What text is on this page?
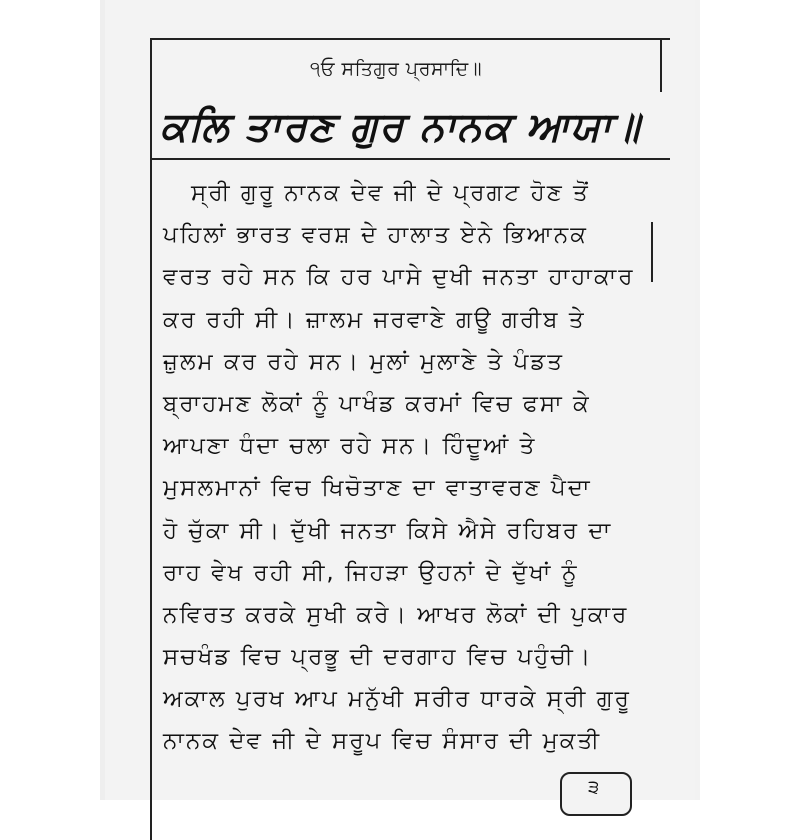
੧ਓ ਸਤਿਗੁਰ ਪ੍ਰਸਾਦਿ॥
ਕਲਿ ਤਾਰਣ ਗੁਰ ਨਾਨਕ ਆਯਾ॥
ਸ੍ਰੀ ਗੁਰੂ ਨਾਨਕ ਦੇਵ ਜੀ ਦੇ ਪ੍ਰਗਟ ਹੋਣ ਤੋਂ
ਪਹਿਲਾਂ ਭਾਰਤ ਵਰਸ਼ ਦੇ ਹਾਲਾਤ ਏਨੇ ਭਿਆਨਕ
ਵਰਤ ਰਹੇ ਸਨ ਕਿ ਹਰ ਪਾਸੇ ਦੁਖੀ ਜਨਤਾ ਹਾਹਾਕਾਰ
ਕਰ ਰਹੀ ਸੀ। ਜ਼ਾਲਮ ਜਰਵਾਣੇ ਗਊ ਗਰੀਬ ਤੇ
ਜ਼ੁਲਮ ਕਰ ਰਹੇ ਸਨ। ਮੁਲਾਂ ਮੁਲਾਣੇ ਤੇ ਪੰਡਤ
ਬ੍ਰਾਹਮਣ ਲੋਕਾਂ ਨੂੰ ਪਾਖੰਡ ਕਰਮਾਂ ਵਿਚ ਫਸਾ ਕੇ
ਆਪਣਾ ਧੰਦਾ ਚਲਾ ਰਹੇ ਸਨ। ਹਿੰਦੂਆਂ ਤੇ
ਮੁਸਲਮਾਨਾਂ ਵਿਚ ਖਿਚੋਤਾਣ ਦਾ ਵਾਤਾਵਰਣ ਪੈਦਾ
ਹੋ ਚੁੱਕਾ ਸੀ। ਦੁੱਖੀ ਜਨਤਾ ਕਿਸੇ ਐਸੇ ਰਹਿਬਰ ਦਾ
ਰਾਹ ਵੇਖ ਰਹੀ ਸੀ, ਜਿਹੜਾ ਉਹਨਾਂ ਦੇ ਦੁੱਖਾਂ ਨੂੰ
ਨਵਿਰਤ ਕਰਕੇ ਸੁਖੀ ਕਰੇ। ਆਖਰ ਲੋਕਾਂ ਦੀ ਪੁਕਾਰ
ਸਚਖੰਡ ਵਿਚ ਪ੍ਰਭੂ ਦੀ ਦਰਗਾਹ ਵਿਚ ਪਹੁੰਚੀ।
ਅਕਾਲ ਪੁਰਖ ਆਪ ਮਨੁੱਖੀ ਸਰੀਰ ਧਾਰਕੇ ਸ੍ਰੀ ਗੁਰੂ
ਨਾਨਕ ਦੇਵ ਜੀ ਦੇ ਸਰੂਪ ਵਿਚ ਸੰਸਾਰ ਦੀ ਮੁਕਤੀ
੩
